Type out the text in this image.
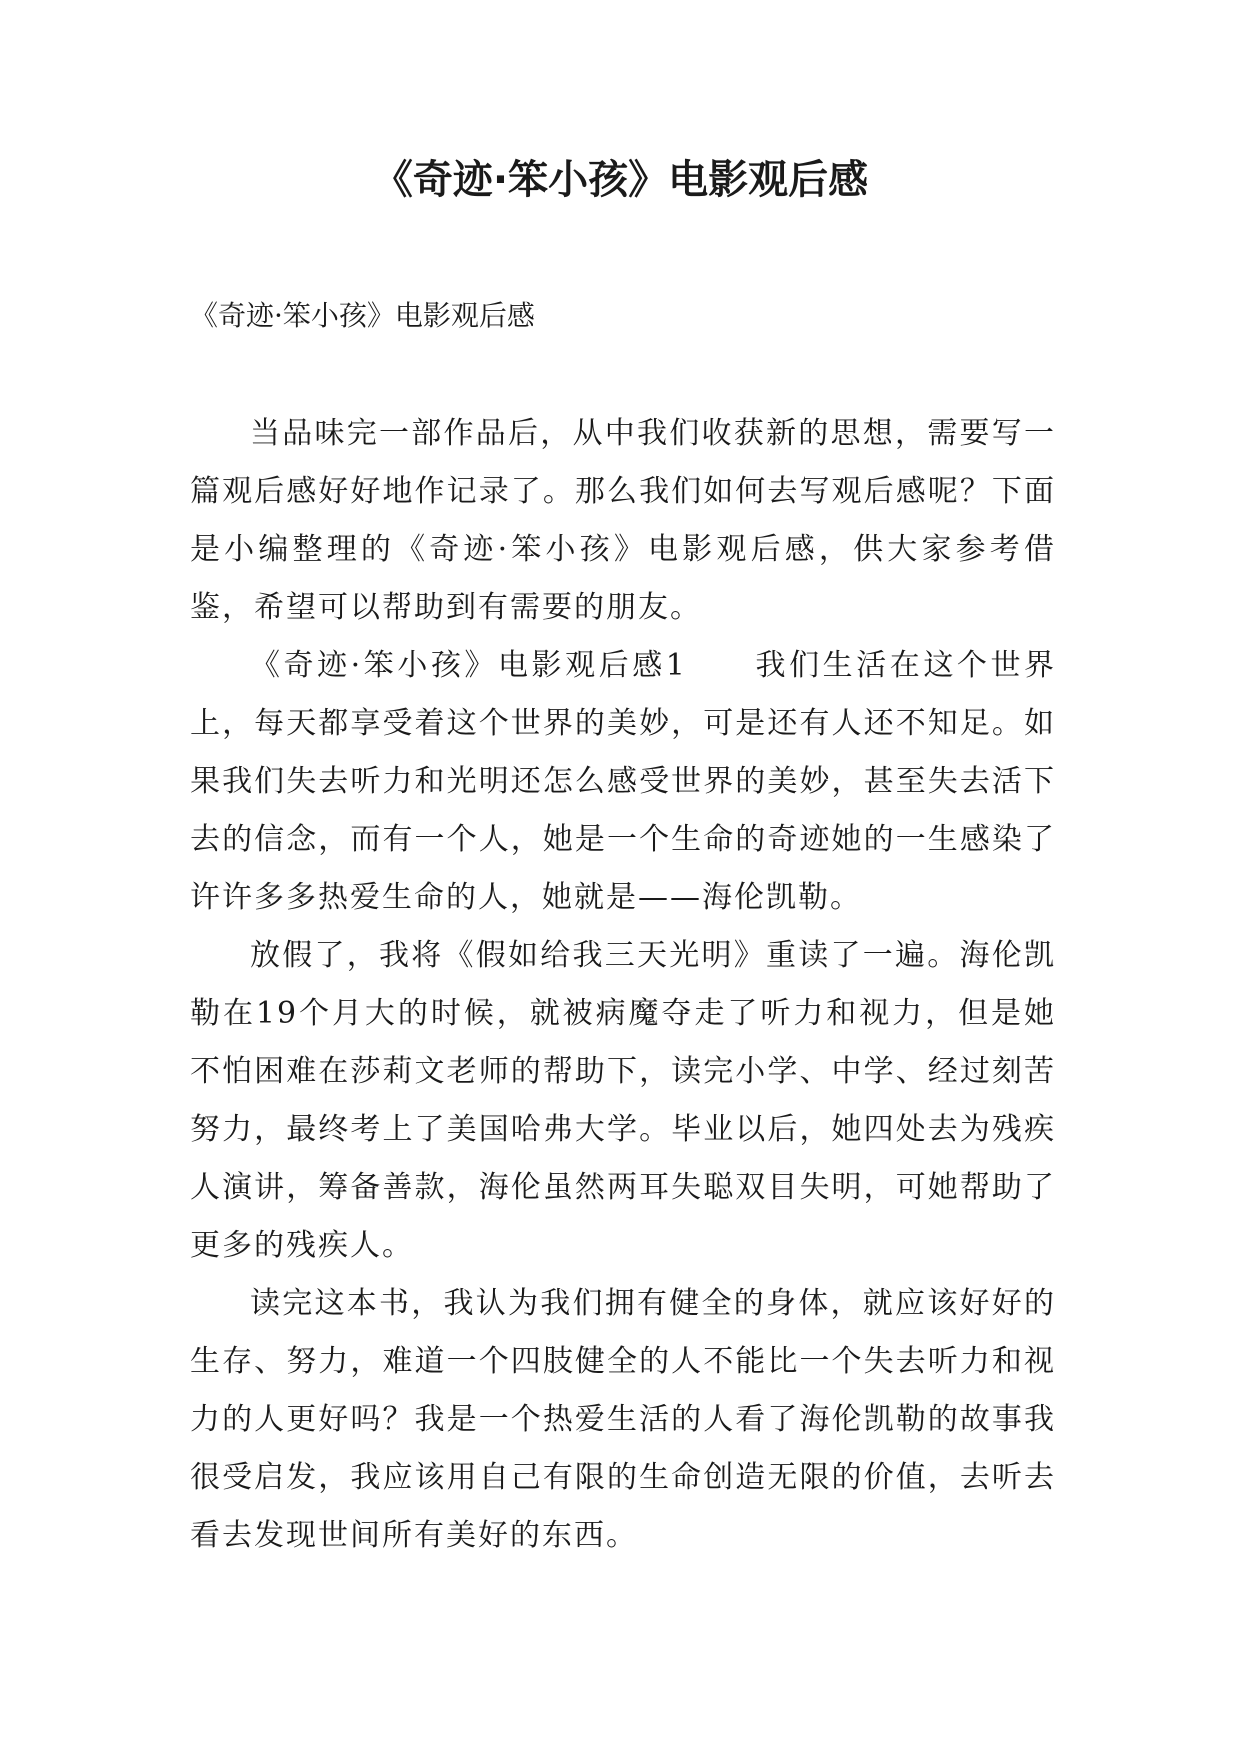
《奇迹·笨小孩》电影观后感

《奇迹·笨小孩》电影观后感

当品味完一部作品后，从中我们收获新的思想，需要写一篇观后感好好地作记录了。那么我们如何去写观后感呢？下面是小编整理的《奇迹·笨小孩》电影观后感，供大家参考借鉴，希望可以帮助到有需要的朋友。

《奇迹·笨小孩》电影观后感1　　我们生活在这个世界上，每天都享受着这个世界的美妙，可是还有人还不知足。如果我们失去听力和光明还怎么感受世界的美妙，甚至失去活下去的信念，而有一个人，她是一个生命的奇迹她的一生感染了许许多多热爱生命的人，她就是——海伦凯勒。

放假了，我将《假如给我三天光明》重读了一遍。海伦凯勒在19个月大的时候，就被病魔夺走了听力和视力，但是她不怕困难在莎莉文老师的帮助下，读完小学、中学、经过刻苦努力，最终考上了美国哈弗大学。毕业以后，她四处去为残疾人演讲，筹备善款，海伦虽然两耳失聪双目失明，可她帮助了更多的残疾人。

读完这本书，我认为我们拥有健全的身体，就应该好好的生存、努力，难道一个四肢健全的人不能比一个失去听力和视力的人更好吗？我是一个热爱生活的人看了海伦凯勒的故事我很受启发，我应该用自己有限的生命创造无限的价值，去听去看去发现世间所有美好的东西。
